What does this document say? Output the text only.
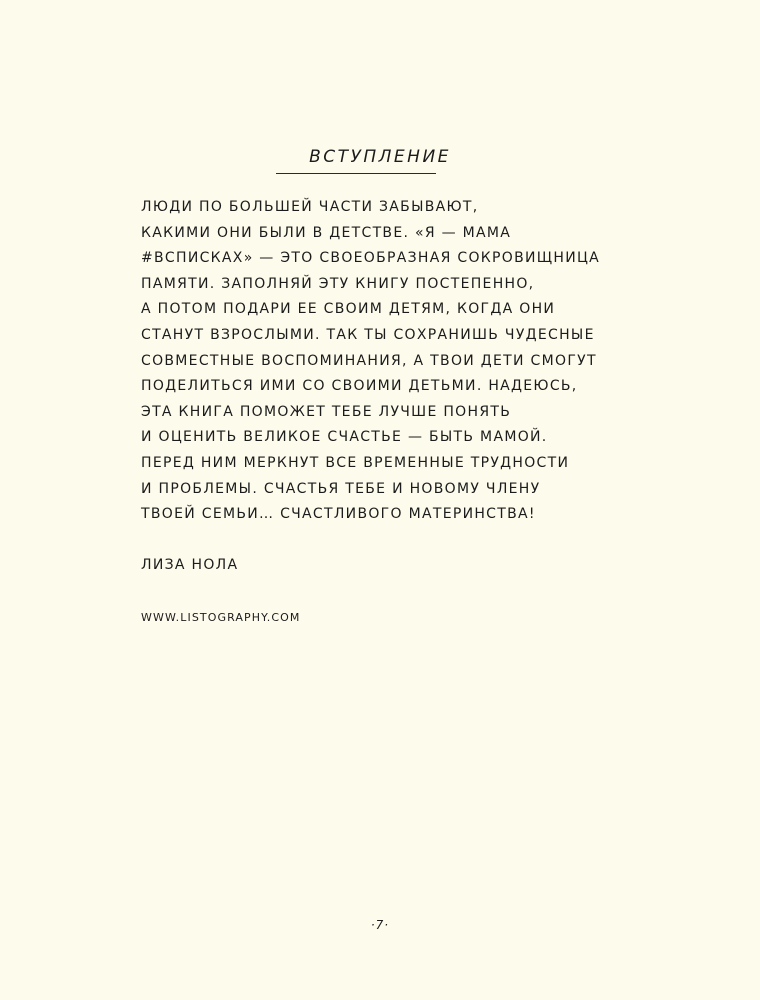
ВСТУПЛЕНИЕ
ЛЮДИ ПО БОЛЬШЕЙ ЧАСТИ ЗАБЫВАЮТ,
КАКИМИ ОНИ БЫЛИ В ДЕТСТВЕ. «Я — МАМА
#ВСПИСКАХ» — ЭТО СВОЕОБРАЗНАЯ СОКРОВИЩНИЦА
ПАМЯТИ. ЗАПОЛНЯЙ ЭТУ КНИГУ ПОСТЕПЕННО,
А ПОТОМ ПОДАРИ ЕЕ СВОИМ ДЕТЯМ, КОГДА ОНИ
СТАНУТ ВЗРОСЛЫМИ. ТАК ТЫ СОХРАНИШЬ ЧУДЕСНЫЕ
СОВМЕСТНЫЕ ВОСПОМИНАНИЯ, А ТВОИ ДЕТИ СМОГУТ
ПОДЕЛИТЬСЯ ИМИ СО СВОИМИ ДЕТЬМИ. НАДЕЮСЬ,
ЭТА КНИГА ПОМОЖЕТ ТЕБЕ ЛУЧШЕ ПОНЯТЬ
И ОЦЕНИТЬ ВЕЛИКОЕ СЧАСТЬЕ — БЫТЬ МАМОЙ.
ПЕРЕД НИМ МЕРКНУТ ВСЕ ВРЕМЕННЫЕ ТРУДНОСТИ
И ПРОБЛЕМЫ. СЧАСТЬЯ ТЕБЕ И НОВОМУ ЧЛЕНУ
ТВОЕЙ СЕМЬИ… СЧАСТЛИВОГО МАТЕРИНСТВА!
ЛИЗА НОЛА
WWW.LISTOGRAPHY.COM
·7·
